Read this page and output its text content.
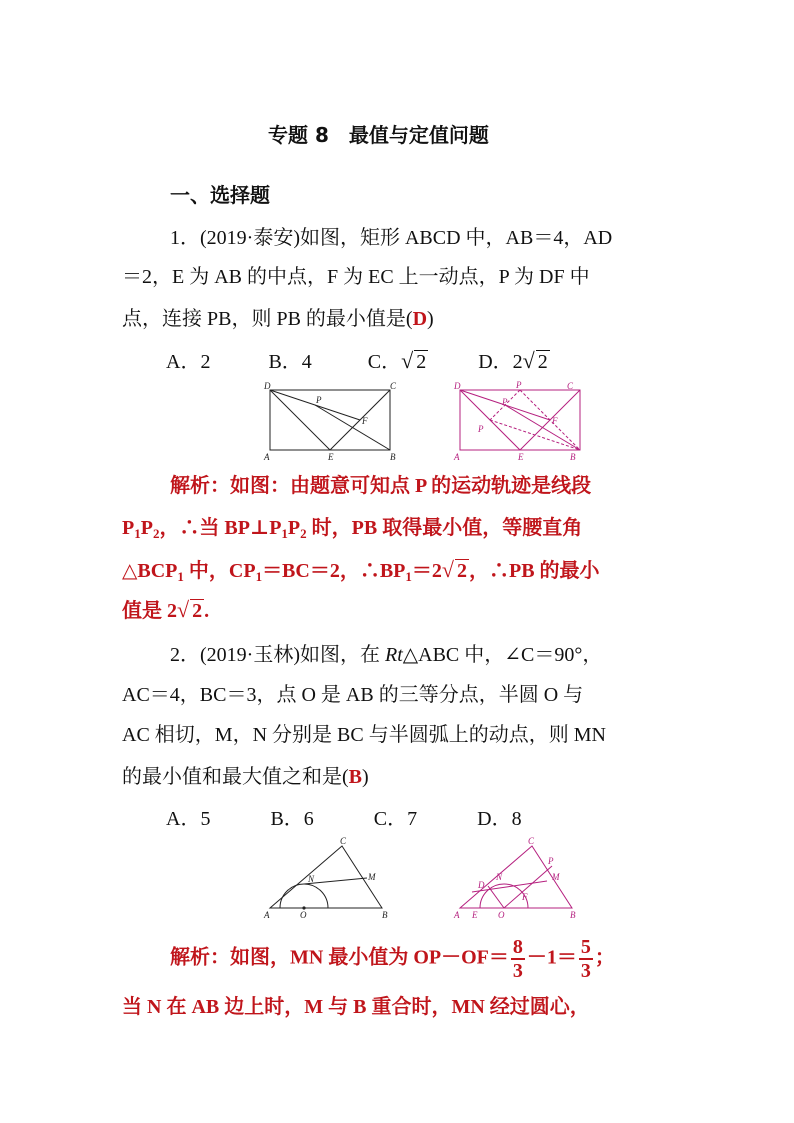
专题 8　最值与定值问题
一、选择题
1．(2019·泰安)如图，矩形 ABCD 中，AB＝4，AD
＝2，E 为 AB 的中点，F 为 EC 上一动点，P 为 DF 中
点，连接 PB，则 PB 的最小值是(D)
A．2	B．4	C．√ 2	D．2√ 2
D	C
A	B
E
F
P
D	C
A	B
E
F
P
P
P
解析：如图：由题意可知点 P 的运动轨迹是线段
$P_1P_2$，∴当 $BP\perp P_1P_2$ 时，PB 取得最小值，等腰直角
$\triangle BCP_1$ 中，$CP_1=BC=2$，$\therefore BP_1=2√$ 2 ，∴PB 的最小
值是 2√ 2 .
2．(2019·玉林)如图，在 Rt△ABC 中，∠C＝90°，
AC＝4，BC＝3，点 O 是 AB 的三等分点，半圆 O 与
AC 相切，M，N 分别是 BC 与半圆弧上的动点，则 MN
的最小值和最大值之和是(B)
A．5	B．6	C．7	D．8
A	B
C
M
N
O	A	B
C
M
N
D
E
F
P
O
解析：如图，MN 最小值为 $OP-OF= \frac{8}{3} -1= \frac{5}{3}$ ；
当 N 在 AB 边上时，M 与 B 重合时，MN 经过圆心，
